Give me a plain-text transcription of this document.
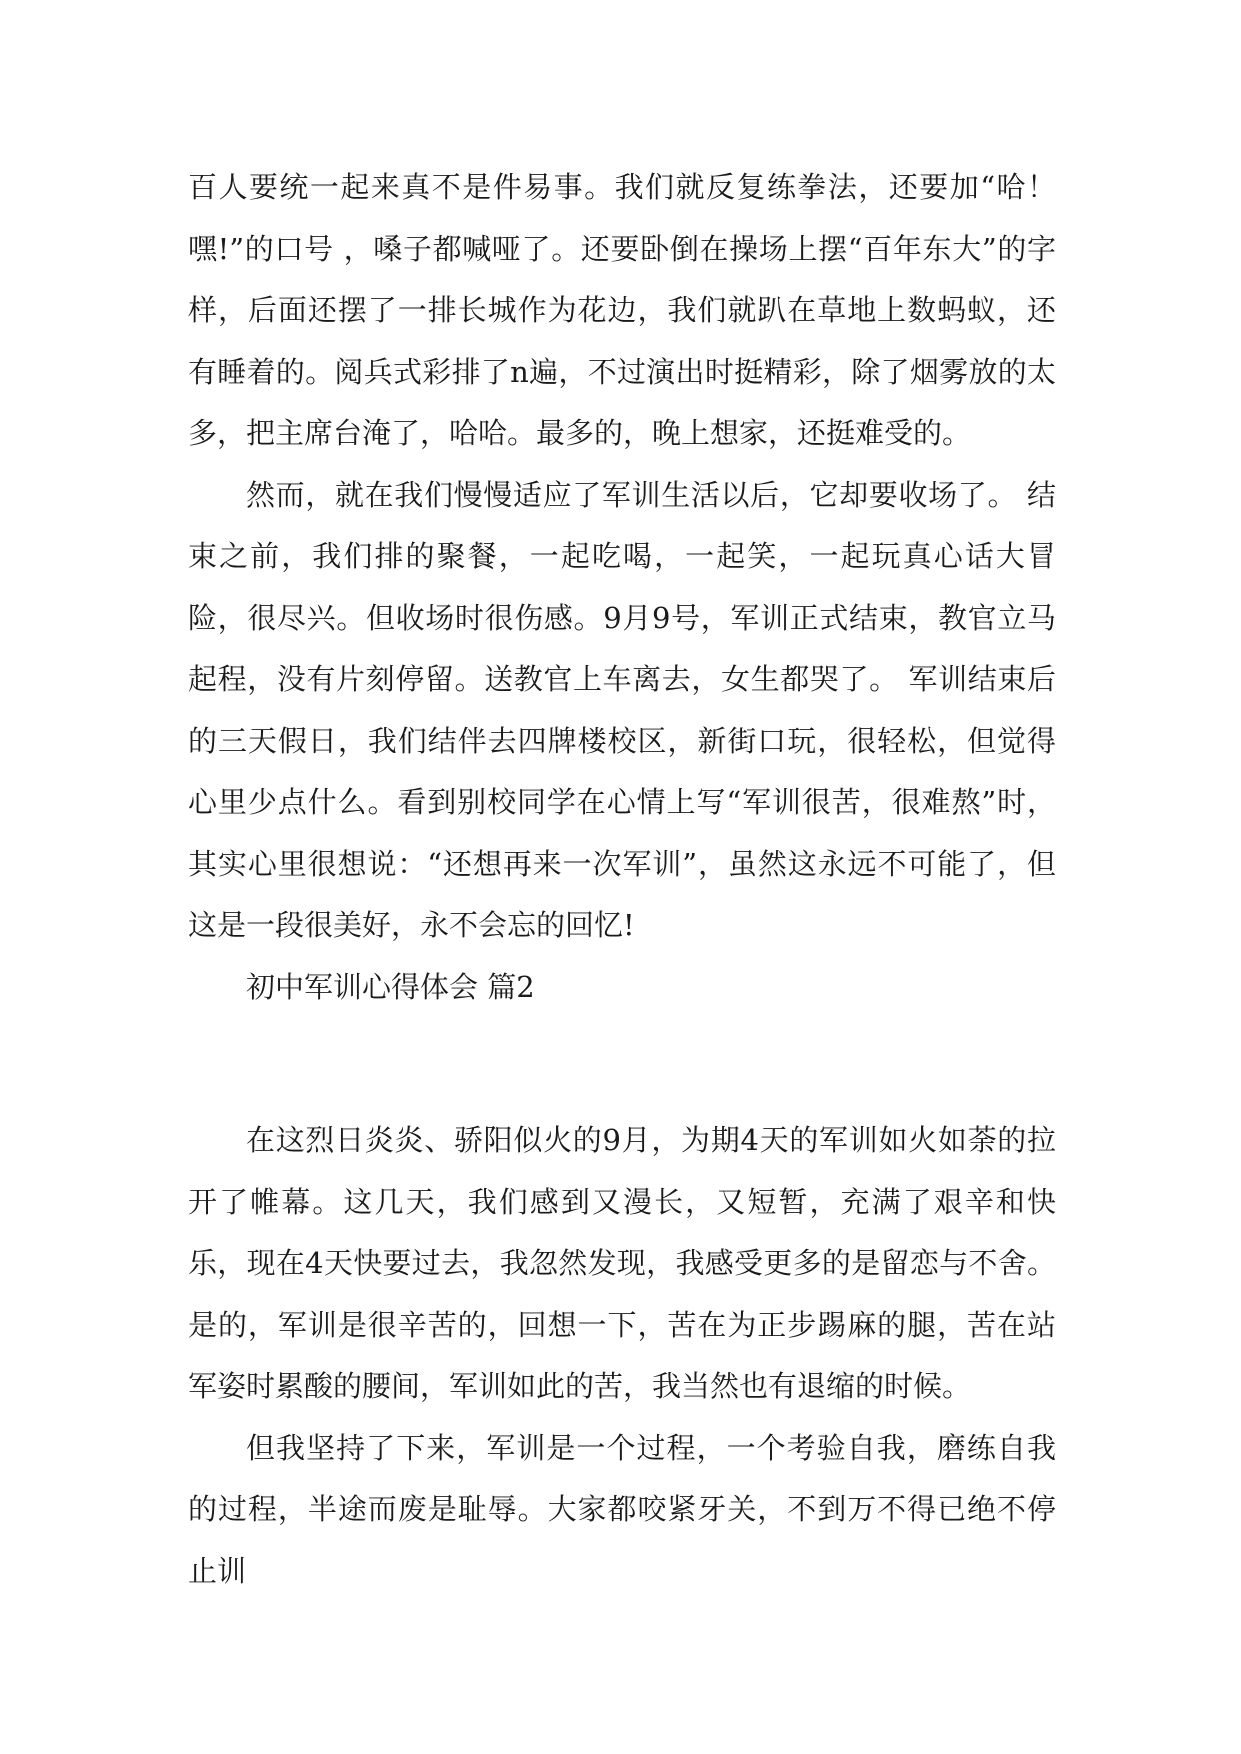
百人要统一起来真不是件易事。我们就反复练拳法，还要加“哈！嘿!”的口号 ，嗓子都喊哑了。还要卧倒在操场上摆“百年东大”的字样，后面还摆了一排长城作为花边，我们就趴在草地上数蚂蚁，还有睡着的。阅兵式彩排了n遍，不过演出时挺精彩，除了烟雾放的太多，把主席台淹了，哈哈。最多的，晚上想家，还挺难受的。

然而，就在我们慢慢适应了军训生活以后，它却要收场了。 结束之前，我们排的聚餐，一起吃喝，一起笑，一起玩真心话大冒险，很尽兴。但收场时很伤感。9月9号，军训正式结束，教官立马起程，没有片刻停留。送教官上车离去，女生都哭了。 军训结束后的三天假日，我们结伴去四牌楼校区，新街口玩，很轻松，但觉得心里少点什么。看到别校同学在心情上写“军训很苦，很难熬”时，其实心里很想说：“还想再来一次军训”，虽然这永远不可能了，但这是一段很美好，永不会忘的回忆!

初中军训心得体会 篇2

在这烈日炎炎、骄阳似火的9月，为期4天的军训如火如荼的拉开了帷幕。这几天，我们感到又漫长，又短暂，充满了艰辛和快乐，现在4天快要过去，我忽然发现，我感受更多的是留恋与不舍。是的，军训是很辛苦的，回想一下，苦在为正步踢麻的腿，苦在站军姿时累酸的腰间，军训如此的苦，我当然也有退缩的时候。

但我坚持了下来，军训是一个过程，一个考验自我，磨练自我的过程，半途而废是耻辱。大家都咬紧牙关，不到万不得已绝不停止训
